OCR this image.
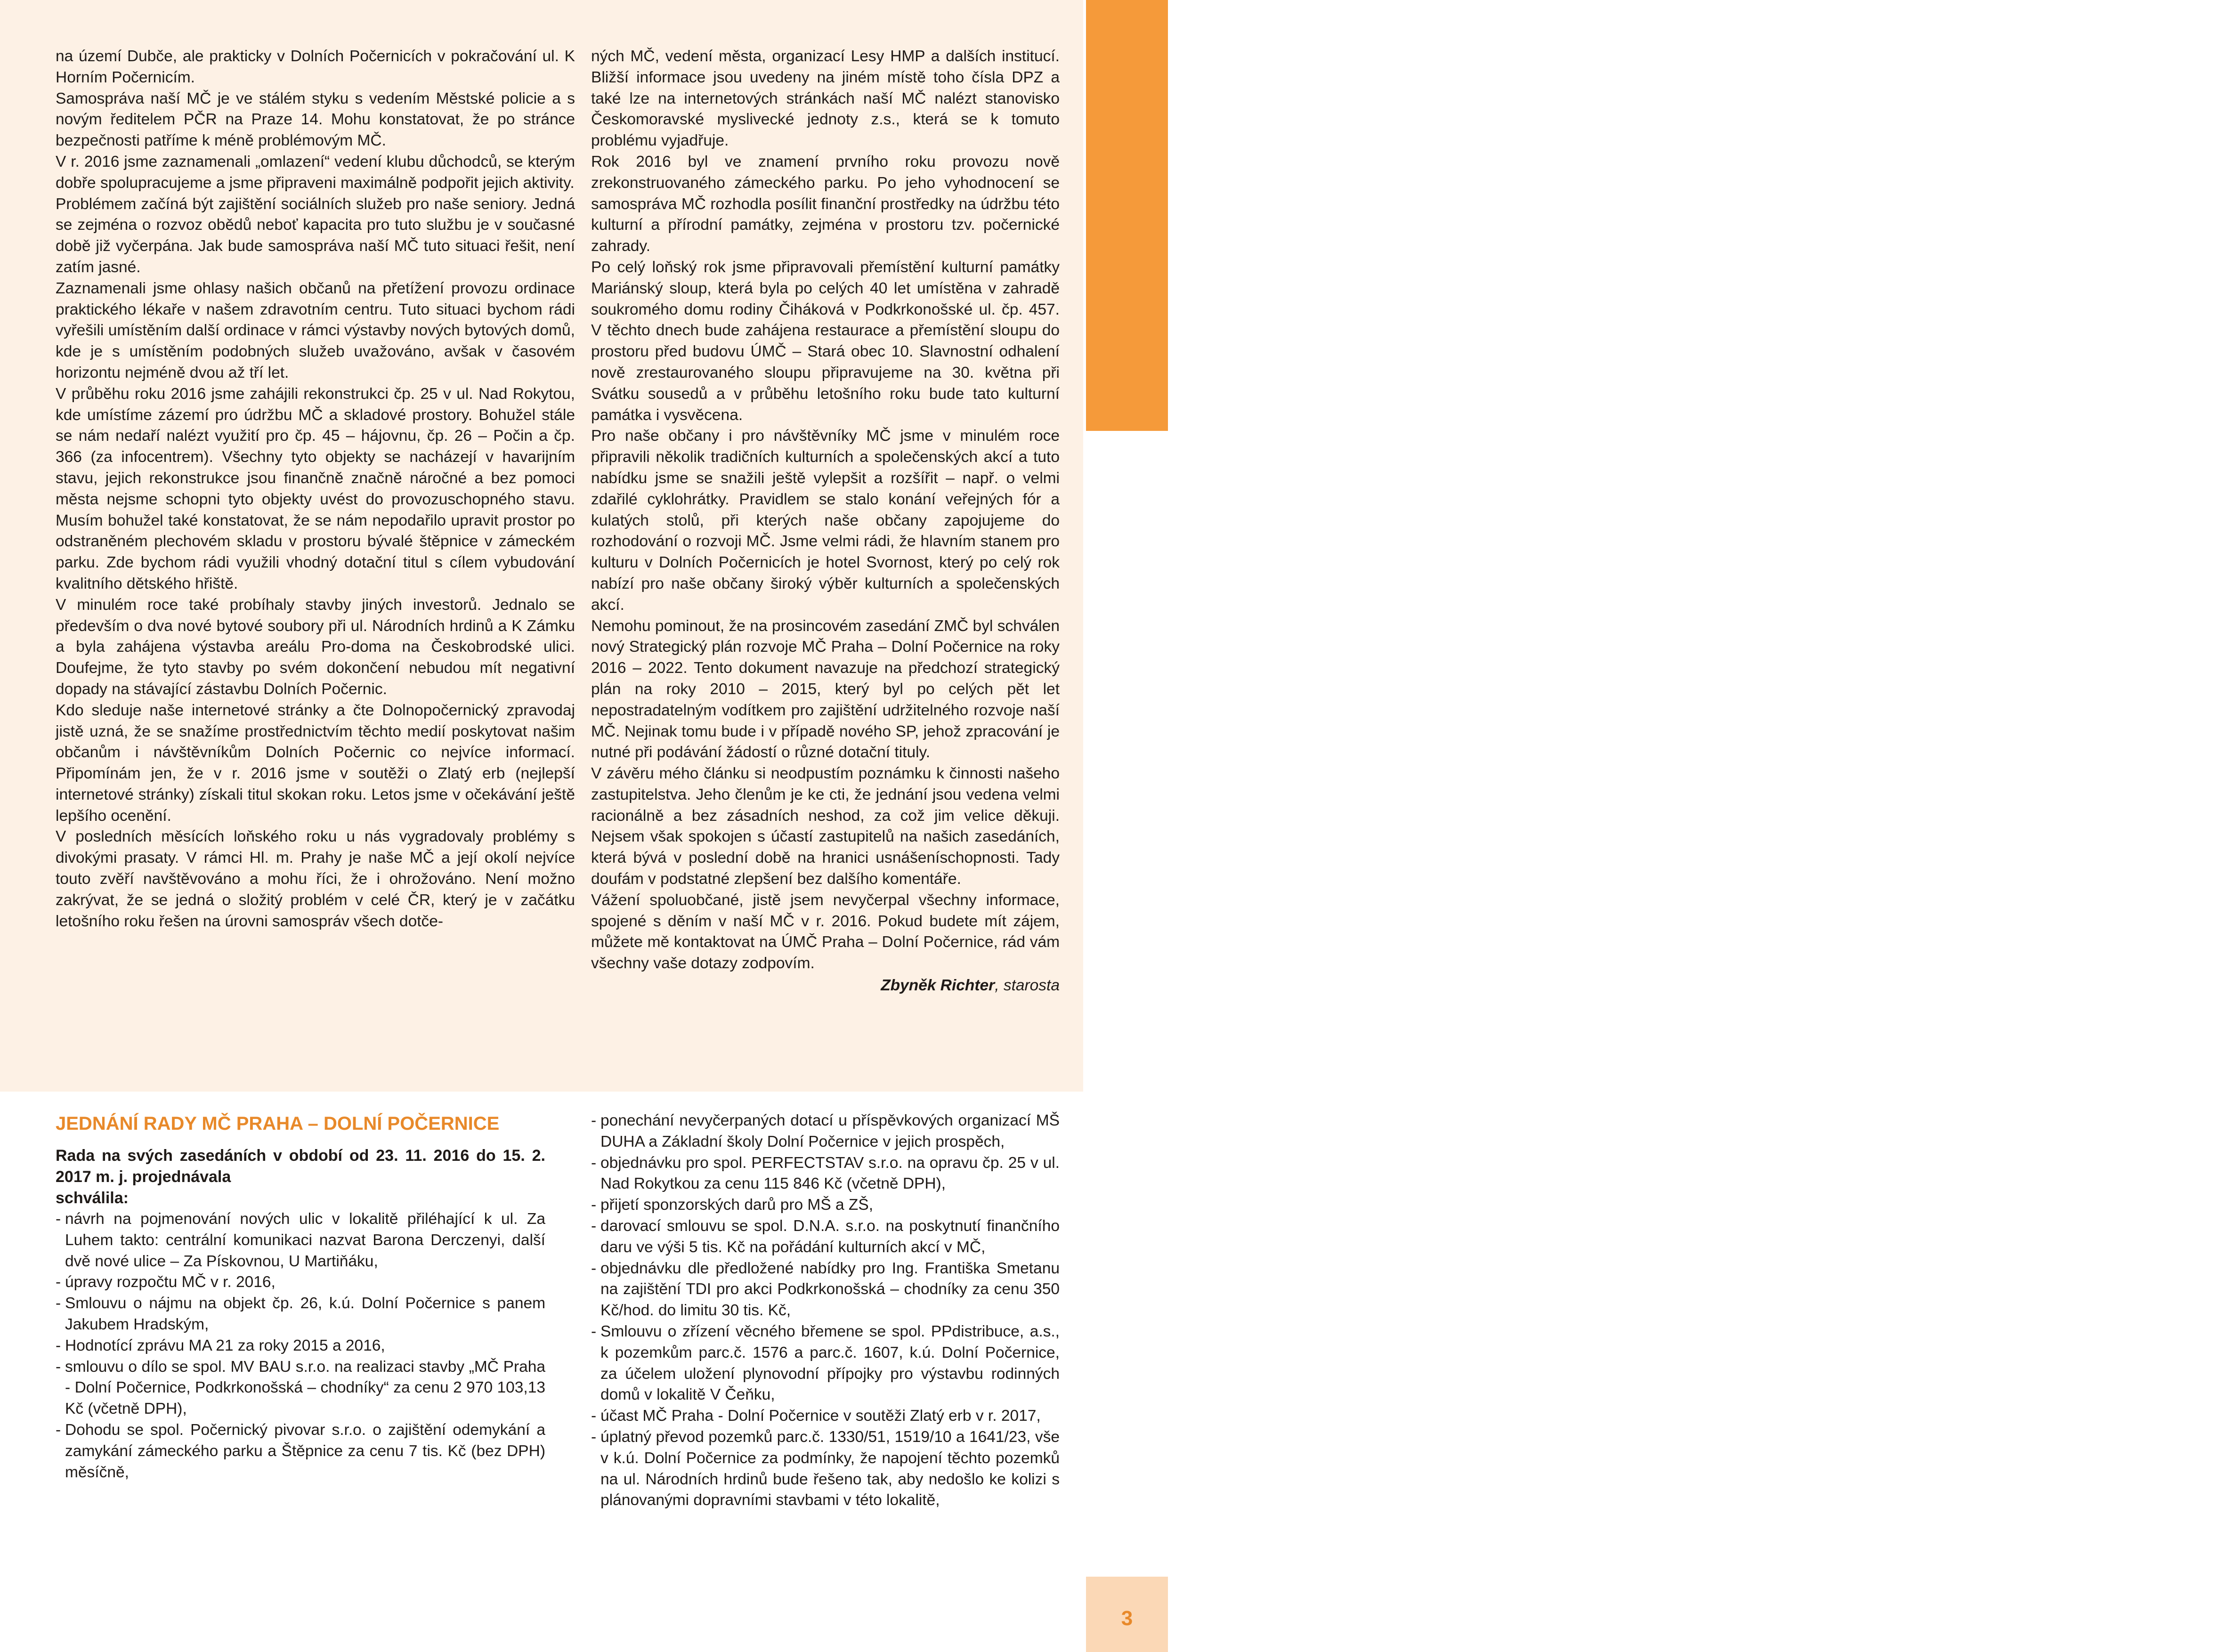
INFORMACE RMČ
3

na území Dubče, ale prakticky v Dolních Počernicích v pokračování ul. K Horním Počernicím.

Samospráva naší MČ je ve stálém styku s vedením Městské policie a s novým ředitelem PČR na Praze 14. Mohu konstatovat, že po stránce bezpečnosti patříme k méně problémovým MČ.

V r. 2016 jsme zaznamenali „omlazení“ vedení klubu důchodců, se kterým dobře spolupracujeme a jsme připraveni maximálně podpořit jejich aktivity.

Problémem začíná být zajištění sociálních služeb pro naše seniory. Jedná se zejména o rozvoz obědů neboť kapacita pro tuto službu je v současné době již vyčerpána. Jak bude samospráva naší MČ tuto situaci řešit, není zatím jasné.

Zaznamenali jsme ohlasy našich občanů na přetížení provozu ordinace praktického lékaře v našem zdravotním centru. Tuto situaci bychom rádi vyřešili umístěním další ordinace v rámci výstavby nových bytových domů, kde je s umístěním podobných služeb uvažováno, avšak v časovém horizontu nejméně dvou až tří let.

V průběhu roku 2016 jsme zahájili rekonstrukci čp. 25 v ul. Nad Rokytou, kde umístíme zázemí pro údržbu MČ a skladové prostory. Bohužel stále se nám nedaří nalézt využití pro čp. 45 – hájovnu, čp. 26 – Počin a čp. 366 (za infocentrem). Všechny tyto objekty se nacházejí v havarijním stavu, jejich rekonstrukce jsou finančně značně náročné a bez pomoci města nejsme schopni tyto objekty uvést do provozuschopného stavu. Musím bohužel také konstatovat, že se nám nepodařilo upravit prostor po odstraněném plechovém skladu v prostoru bývalé štěpnice v zámeckém parku. Zde bychom rádi využili vhodný dotační titul s cílem vybudování kvalitního dětského hřiště.

V minulém roce také probíhaly stavby jiných investorů. Jednalo se především o dva nové bytové soubory při ul. Národních hrdinů a K Zámku a byla zahájena výstavba areálu Pro-doma na Českobrodské ulici. Doufejme, že tyto stavby po svém dokončení nebudou mít negativní dopady na stávající zástavbu Dolních Počernic.

Kdo sleduje naše internetové stránky a čte Dolnopočernický zpravodaj jistě uzná, že se snažíme prostřednictvím těchto medií poskytovat našim občanům i návštěvníkům Dolních Počernic co nejvíce informací. Připomínám jen, že v r. 2016 jsme v soutěži o Zlatý erb (nejlepší internetové stránky) získali titul skokan roku. Letos jsme v očekávání ještě lepšího ocenění.

V posledních měsících loňského roku u nás vygradovaly problémy s divokými prasaty. V rámci Hl. m. Prahy je naše MČ a její okolí nejvíce touto zvěří navštěvováno a mohu říci, že i ohrožováno. Není možno zakrývat, že se jedná o složitý problém v celé ČR, který je v začátku letošního roku řešen na úrovni samospráv všech dotče-

ných MČ, vedení města, organizací Lesy HMP a dalších institucí. Bližší informace jsou uvedeny na jiném místě toho čísla DPZ a také lze na internetových stránkách naší MČ nalézt stanovisko Českomoravské myslivecké jednoty z.s., která se k tomuto problému vyjadřuje.

Rok 2016 byl ve znamení prvního roku provozu nově zrekonstruovaného zámeckého parku. Po jeho vyhodnocení se samospráva MČ rozhodla posílit finanční prostředky na údržbu této kulturní a přírodní památky, zejména v prostoru tzv. počernické zahrady.

Po celý loňský rok jsme připravovali přemístění kulturní památky Mariánský sloup, která byla po celých 40 let umístěna v zahradě soukromého domu rodiny Čiháková v Podkrkonošské ul. čp. 457. V těchto dnech bude zahájena restaurace a přemístění sloupu do prostoru před budovu ÚMČ – Stará obec 10. Slavnostní odhalení nově zrestaurovaného sloupu připravujeme na 30. května při Svátku sousedů a v průběhu letošního roku bude tato kulturní památka i vysvěcena.

Pro naše občany i pro návštěvníky MČ jsme v minulém roce připravili několik tradičních kulturních a společenských akcí a tuto nabídku jsme se snažili ještě vylepšit a rozšířit – např. o velmi zdařilé cyklohrátky. Pravidlem se stalo konání veřejných fór a kulatých stolů, při kterých naše občany zapojujeme do rozhodování o rozvoji MČ. Jsme velmi rádi, že hlavním stanem pro kulturu v Dolních Počernicích je hotel Svornost, který po celý rok nabízí pro naše občany široký výběr kulturních a společenských akcí.

Nemohu pominout, že na prosincovém zasedání ZMČ byl schválen nový Strategický plán rozvoje MČ Praha – Dolní Počernice na roky 2016 – 2022. Tento dokument navazuje na předchozí strategický plán na roky 2010 – 2015, který byl po celých pět let nepostradatelným vodítkem pro zajištění udržitelného rozvoje naší MČ. Nejinak tomu bude i v případě nového SP, jehož zpracování je nutné při podávání žádostí o různé dotační tituly.

V závěru mého článku si neodpustím poznámku k činnosti našeho zastupitelstva. Jeho členům je ke cti, že jednání jsou vedena velmi racionálně a bez zásadních neshod, za což jim velice děkuji. Nejsem však spokojen s účastí zastupitelů na našich zasedáních, která bývá v poslední době na hranici usnášeníschopnosti. Tady doufám v podstatné zlepšení bez dalšího komentáře.

Vážení spoluobčané, jistě jsem nevyčerpal všechny informace, spojené s děním v naší MČ v r. 2016. Pokud budete mít zájem, můžete mě kontaktovat na ÚMČ Praha – Dolní Počernice, rád vám všechny vaše dotazy zodpovím.

Zbyněk Richter, starosta

JEDNÁNÍ RADY MČ PRAHA – DOLNÍ POČERNICE

Rada na svých zasedáních v období od 23. 11. 2016 do 15. 2. 2017 m. j. projednávala

schválila:

- návrh na pojmenování nových ulic v lokalitě přiléhající k ul. Za Luhem takto: centrální komunikaci nazvat Barona Derczenyi, další dvě nové ulice – Za Pískovnou, U Martiňáku,
- úpravy rozpočtu MČ v r. 2016,
- Smlouvu o nájmu na objekt čp. 26, k.ú. Dolní Počernice s panem Jakubem Hradským,
- Hodnotící zprávu MA 21 za roky 2015 a 2016,
- smlouvu o dílo se spol. MV BAU s.r.o. na realizaci stavby „MČ Praha - Dolní Počernice, Podkrkonošská – chodníky“ za cenu 2 970 103,13 Kč (včetně DPH),
- Dohodu se spol. Počernický pivovar s.r.o. o zajištění odemykání a zamykání zámeckého parku a Štěpnice za cenu 7 tis. Kč (bez DPH) měsíčně,
- ponechání nevyčerpaných dotací u příspěvkových organizací MŠ DUHA a Základní školy Dolní Počernice v jejich prospěch,
- objednávku pro spol. PERFECTSTAV s.r.o. na opravu čp. 25 v ul. Nad Rokytkou za cenu 115 846 Kč (včetně DPH),
- přijetí sponzorských darů pro MŠ a ZŠ,
- darovací smlouvu se spol. D.N.A. s.r.o. na poskytnutí finančního daru ve výši 5 tis. Kč na pořádání kulturních akcí v MČ,
- objednávku dle předložené nabídky pro Ing. Františka Smetanu na zajištění TDI pro akci Podkrkonošská – chodníky za cenu 350 Kč/hod. do limitu 30 tis. Kč,
- Smlouvu o zřízení věcného břemene se spol. PPdistribuce, a.s., k pozemkům parc.č. 1576 a parc.č. 1607, k.ú. Dolní Počernice, za účelem uložení plynovodní přípojky pro výstavbu rodinných domů v lokalitě V Čeňku,
- účast MČ Praha - Dolní Počernice v soutěži Zlatý erb v r. 2017,
- úplatný převod pozemků parc.č. 1330/51, 1519/10 a 1641/23, vše v k.ú. Dolní Počernice za podmínky, že napojení těchto pozemků na ul. Národních hrdinů bude řešeno tak, aby nedošlo ke kolizi s plánovanými dopravními stavbami v této lokalitě,
